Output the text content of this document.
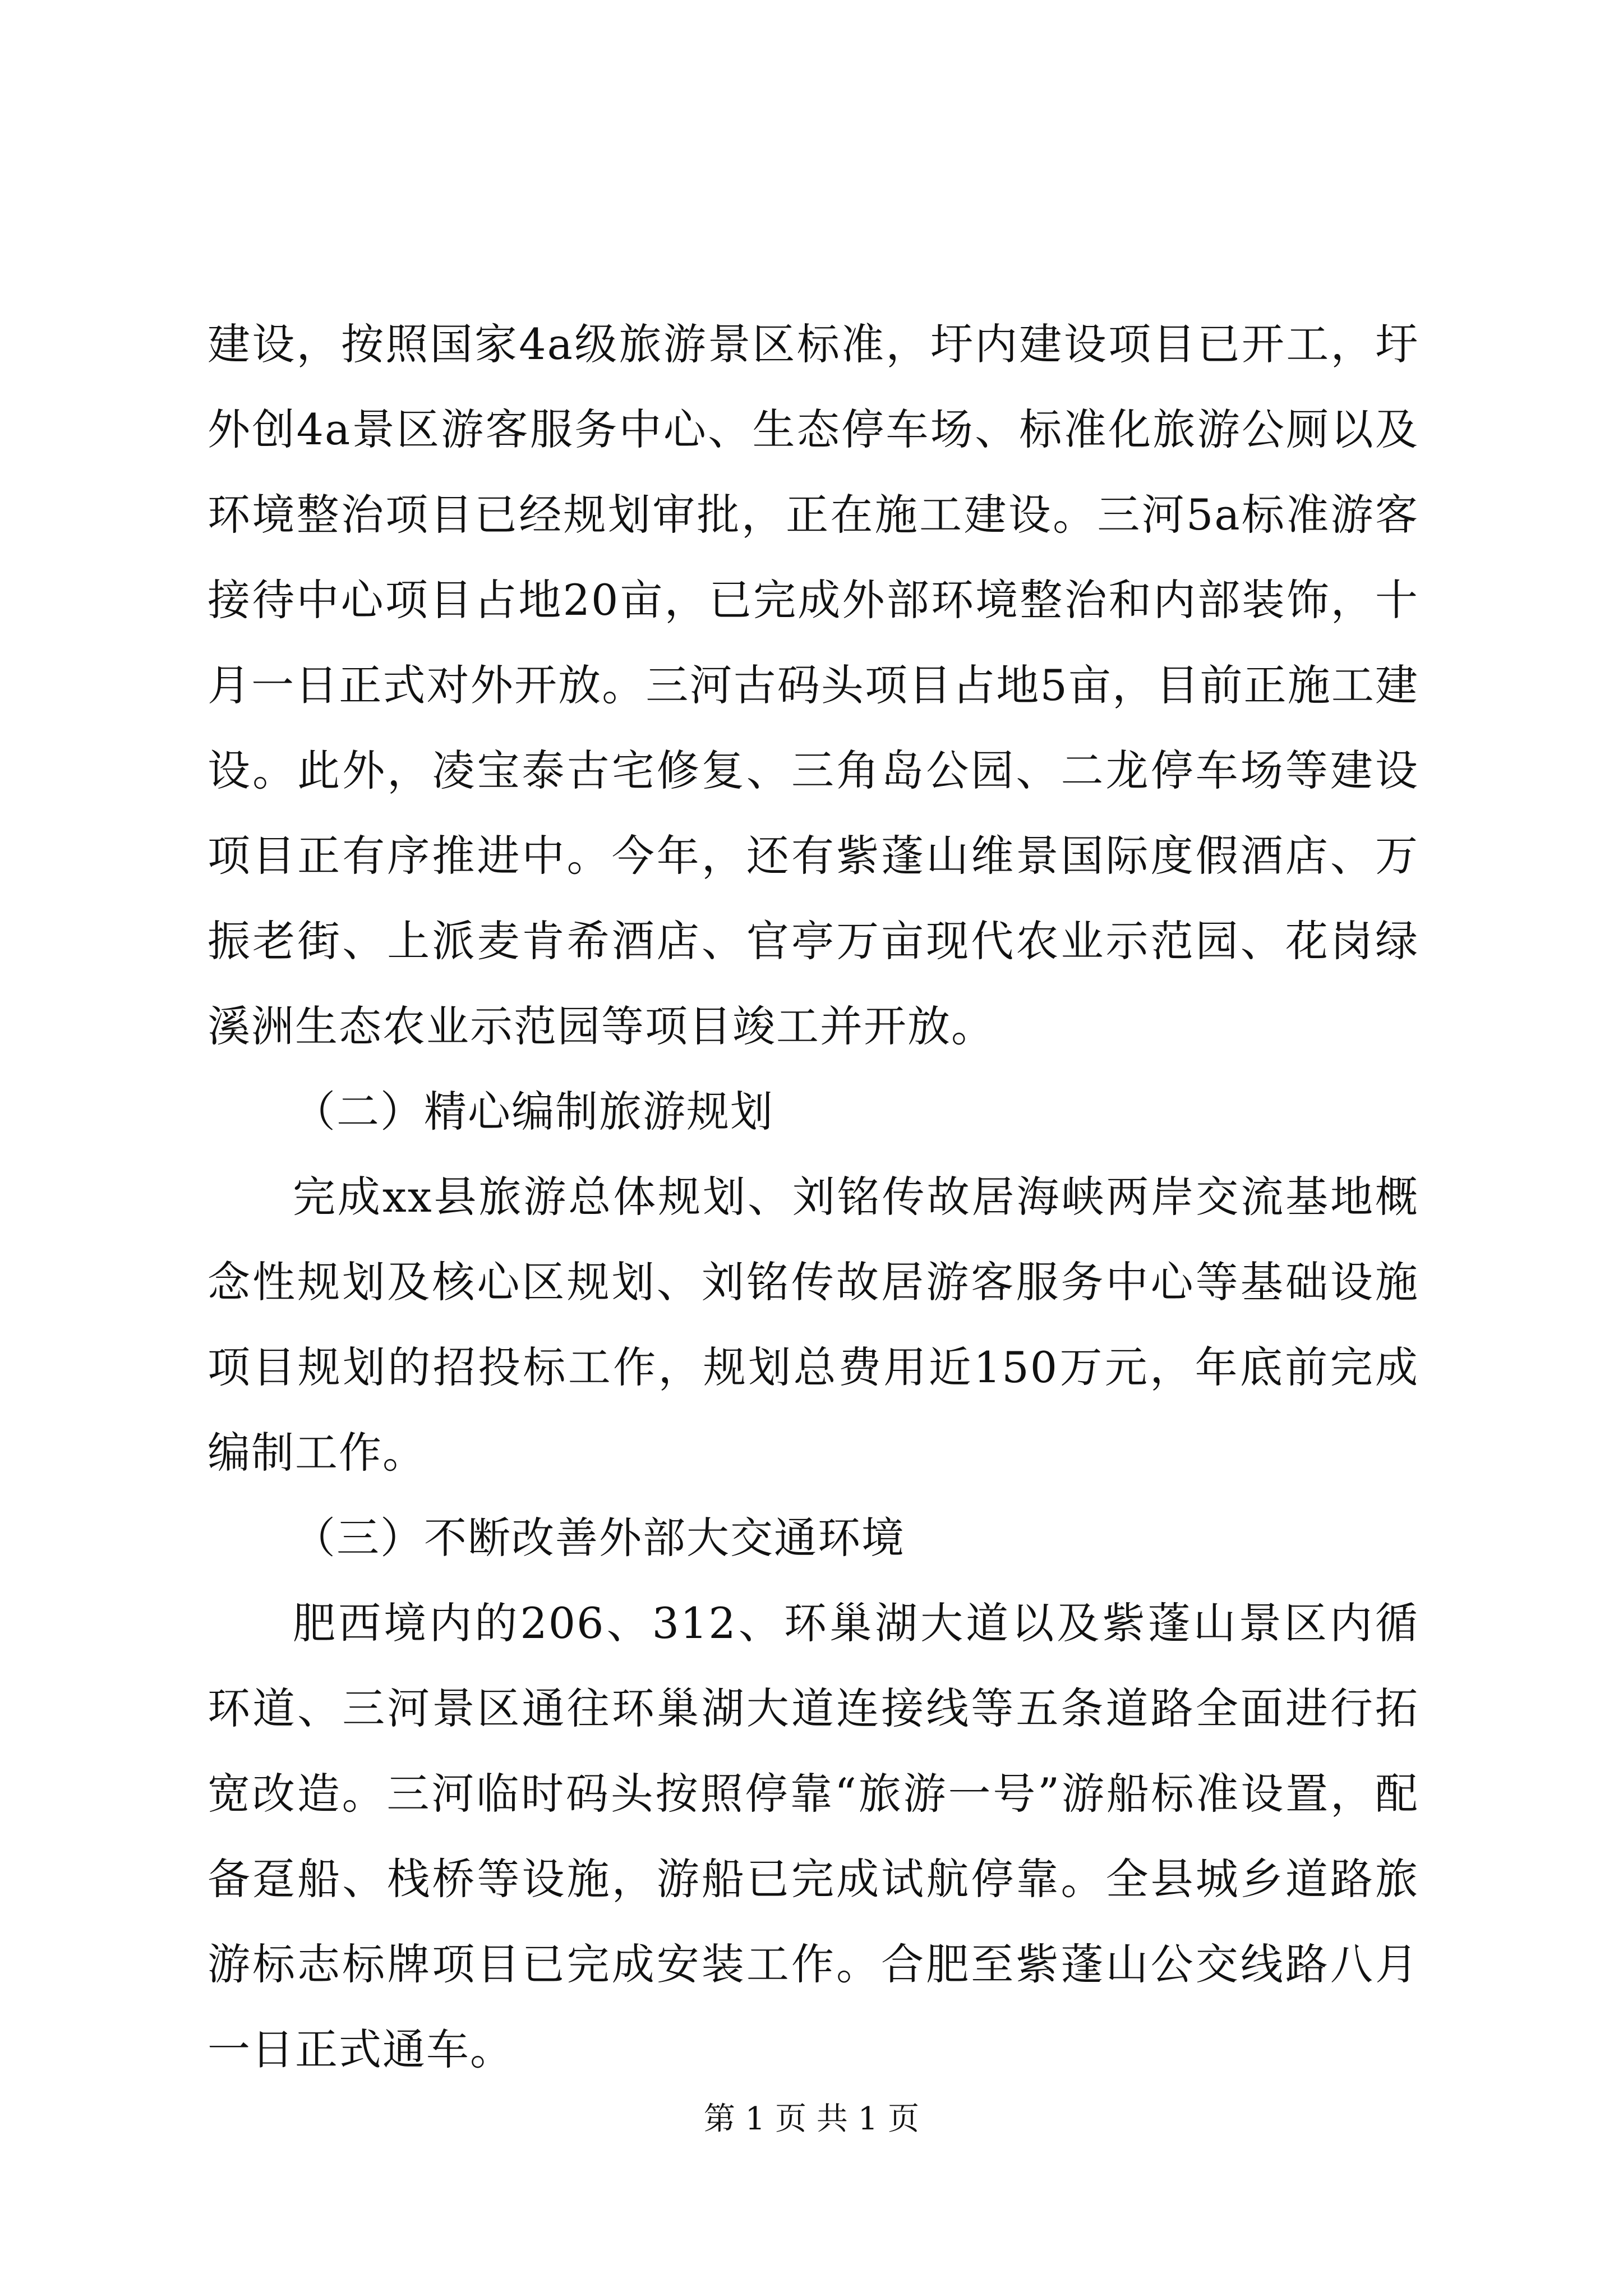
建设，按照国家4a级旅游景区标准，圩内建设项目已开工，圩外创4a景区游客服务中心、生态停车场、标准化旅游公厕以及环境整治项目已经规划审批，正在施工建设。三河5a标准游客接待中心项目占地20亩，已完成外部环境整治和内部装饰，十月一日正式对外开放。三河古码头项目占地5亩，目前正施工建设。此外，凌宝泰古宅修复、三角岛公园、二龙停车场等建设项目正有序推进中。今年，还有紫蓬山维景国际度假酒店、万振老街、上派麦肯希酒店、官亭万亩现代农业示范园、花岗绿溪洲生态农业示范园等项目竣工并开放。

（二）精心编制旅游规划

完成xx县旅游总体规划、刘铭传故居海峡两岸交流基地概念性规划及核心区规划、刘铭传故居游客服务中心等基础设施项目规划的招投标工作，规划总费用近150万元，年底前完成编制工作。

（三）不断改善外部大交通环境

肥西境内的206、312、环巢湖大道以及紫蓬山景区内循环道、三河景区通往环巢湖大道连接线等五条道路全面进行拓宽改造。三河临时码头按照停靠“旅游一号”游船标准设置，配备趸船、栈桥等设施，游船已完成试航停靠。全县城乡道路旅游标志标牌项目已完成安装工作。合肥至紫蓬山公交线路八月一日正式通车。

第 1 页 共 1 页
